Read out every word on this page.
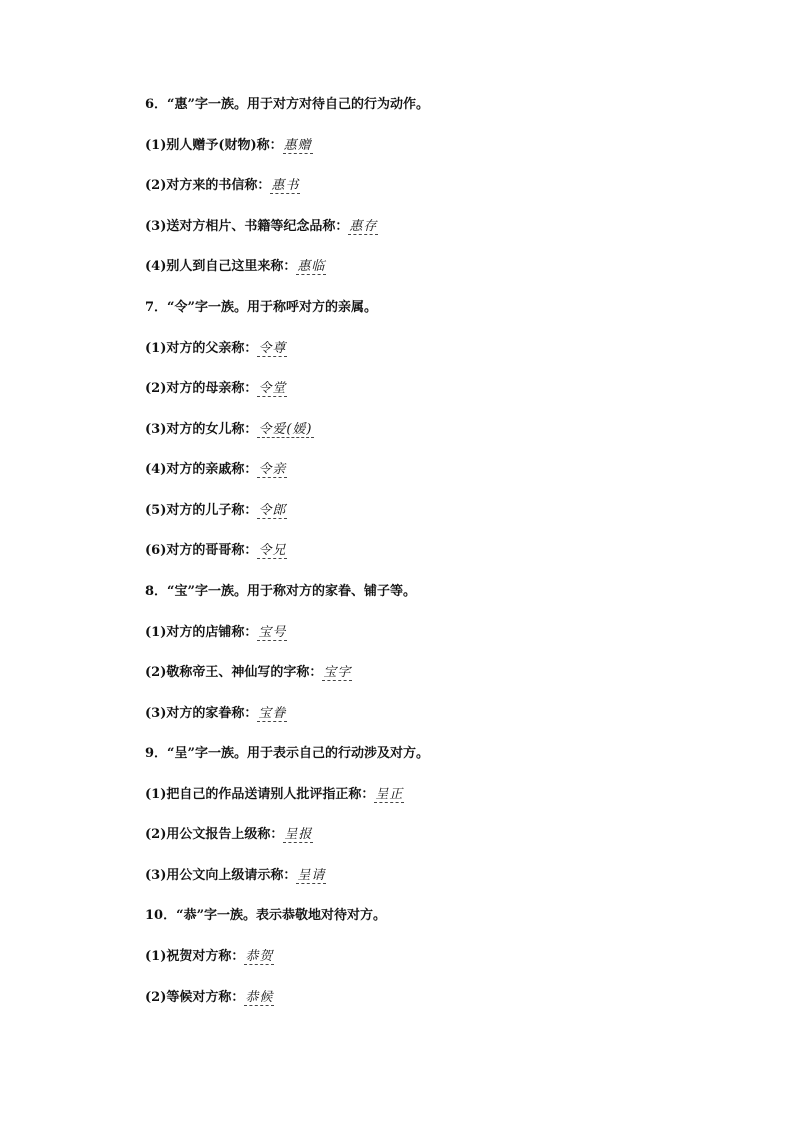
6．“惠”字一族。用于对方对待自己的行为动作。
(1)别人赠予(财物)称：惠赠
(2)对方来的书信称：惠书
(3)送对方相片、书籍等纪念品称：惠存
(4)别人到自己这里来称：惠临
7．“令”字一族。用于称呼对方的亲属。
(1)对方的父亲称：令尊
(2)对方的母亲称：令堂
(3)对方的女儿称：令爱(媛)
(4)对方的亲戚称：令亲
(5)对方的儿子称：令郎
(6)对方的哥哥称：令兄
8．“宝”字一族。用于称对方的家眷、铺子等。
(1)对方的店铺称：宝号
(2)敬称帝王、神仙写的字称：宝字
(3)对方的家眷称：宝眷
9．“呈”字一族。用于表示自己的行动涉及对方。
(1)把自己的作品送请别人批评指正称：呈正
(2)用公文报告上级称：呈报
(3)用公文向上级请示称：呈请
10．“恭”字一族。表示恭敬地对待对方。
(1)祝贺对方称：恭贺
(2)等候对方称：恭候
